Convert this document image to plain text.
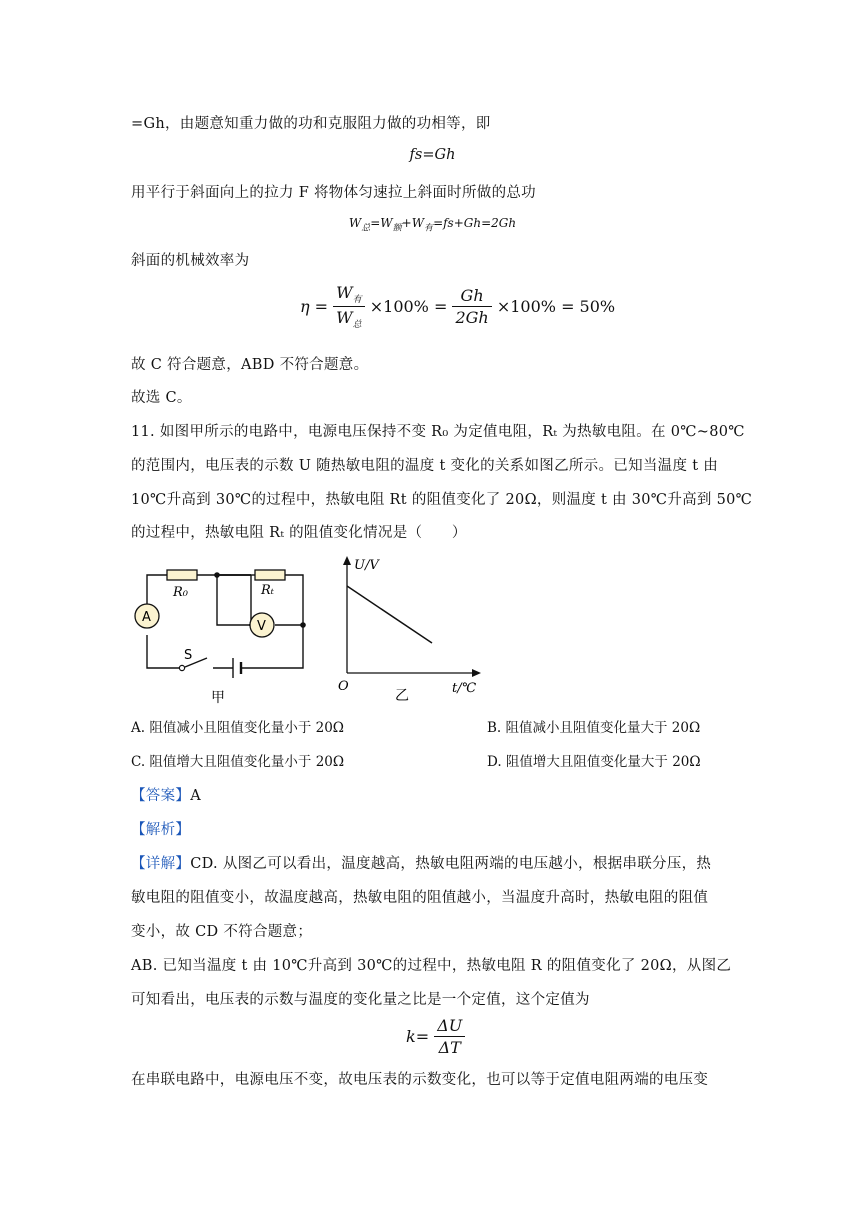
=Gh，由题意知重力做的功和克服阻力做的功相等，即
fs=Gh
用平行于斜面向上的拉力 F 将物体匀速拉上斜面时所做的总功
$W_总=W_额+W_有=fs+Gh=2Gh$
斜面的机械效率为
$\eta = \frac{W_有}{W_总} \times 100\% = \frac{Gh}{2Gh} \times 100\% = 50\%$
故 C 符合题意，ABD 不符合题意。
故选 C。
11. 如图甲所示的电路中，电源电压保持不变 R₀ 为定值电阻，Rₜ 为热敏电阻。在 0℃~80℃
的范围内，电压表的示数 U 随热敏电阻的温度 t 变化的关系如图乙所示。已知当温度 t 由
10℃升高到 30℃的过程中，热敏电阻 Rt 的阻值变化了 20Ω，则温度 t 由 30℃升高到 50℃
的过程中，热敏电阻 Rₜ 的阻值变化情况是（　　）
R₀	Rₜ
A
V
S
甲
U/V
O	t/℃
乙
A. 阻值减小且阻值变化量小于 20Ω	B. 阻值减小且阻值变化量大于 20Ω
C. 阻值增大且阻值变化量小于 20Ω	D. 阻值增大且阻值变化量大于 20Ω
【答案】A
【解析】
【详解】CD. 从图乙可以看出，温度越高，热敏电阻两端的电压越小，根据串联分压，热
敏电阻的阻值变小，故温度越高，热敏电阻的阻值越小，当温度升高时，热敏电阻的阻值
变小，故 CD 不符合题意；
AB. 已知当温度 t 由 10℃升高到 30℃的过程中，热敏电阻 R 的阻值变化了 20Ω，从图乙
可知看出，电压表的示数与温度的变化量之比是一个定值，这个定值为
$k= \frac{\Delta U}{\Delta T}$
在串联电路中，电源电压不变，故电压表的示数变化，也可以等于定值电阻两端的电压变
